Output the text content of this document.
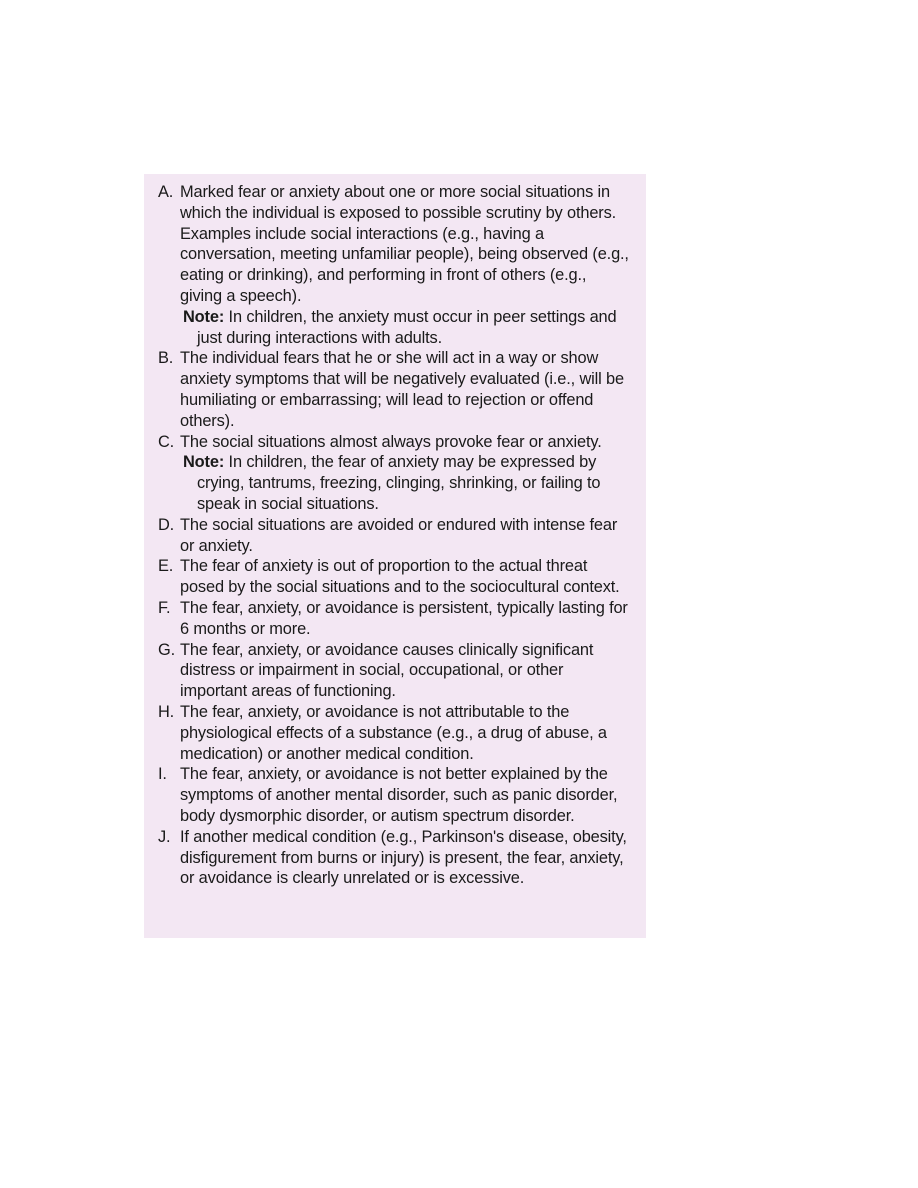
A. Marked fear or anxiety about one or more social situations in which the individual is exposed to possible scrutiny by others. Examples include social interactions (e.g., having a conversation, meeting unfamiliar people), being observed (e.g., eating or drinking), and performing in front of others (e.g., giving a speech).
Note: In children, the anxiety must occur in peer settings and just during interactions with adults.
B. The individual fears that he or she will act in a way or show anxiety symptoms that will be negatively evaluated (i.e., will be humiliating or embarrassing; will lead to rejection or offend others).
C. The social situations almost always provoke fear or anxiety.
Note: In children, the fear of anxiety may be expressed by crying, tantrums, freezing, clinging, shrinking, or failing to speak in social situations.
D. The social situations are avoided or endured with intense fear or anxiety.
E. The fear of anxiety is out of proportion to the actual threat posed by the social situations and to the sociocultural context.
F. The fear, anxiety, or avoidance is persistent, typically lasting for 6 months or more.
G. The fear, anxiety, or avoidance causes clinically significant distress or impairment in social, occupational, or other important areas of functioning.
H. The fear, anxiety, or avoidance is not attributable to the physiological effects of a substance (e.g., a drug of abuse, a medication) or another medical condition.
I. The fear, anxiety, or avoidance is not better explained by the symptoms of another mental disorder, such as panic disorder, body dysmorphic disorder, or autism spectrum disorder.
J. If another medical condition (e.g., Parkinson's disease, obesity, disfigurement from burns or injury) is present, the fear, anxiety, or avoidance is clearly unrelated or is excessive.
